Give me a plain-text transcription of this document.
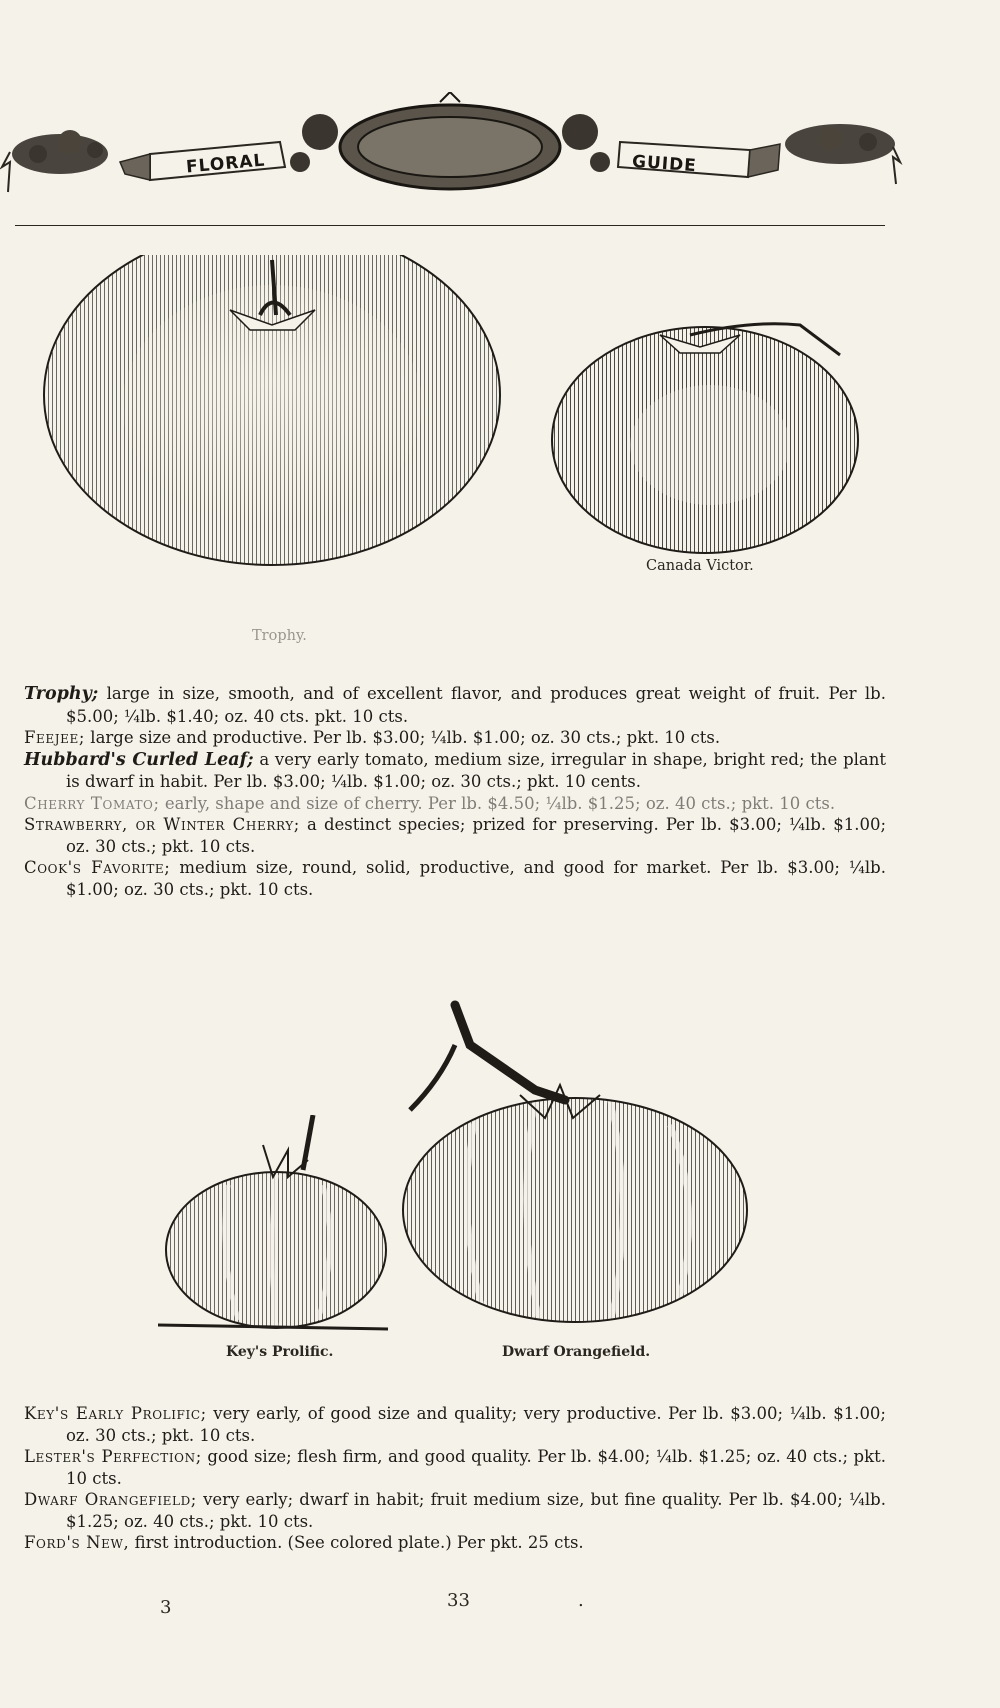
FLORAL	GUIDE
Trophy.
Canada Victor.
Trophy; large in size, smooth, and of excellent flavor, and produces great weight of fruit. Per lb. $5.00; ¼lb. $1.40; oz. 40 cts. pkt. 10 cts.
Feejee; large size and productive. Per lb. $3.00; ¼lb. $1.00; oz. 30 cts.; pkt. 10 cts.
Hubbard's Curled Leaf; a very early tomato, medium size, irregular in shape, bright red; the plant is dwarf in habit. Per lb. $3.00; ¼lb. $1.00; oz. 30 cts.; pkt. 10 cents.
Cherry Tomato; early, shape and size of cherry. Per lb. $4.50; ¼lb. $1.25; oz. 40 cts.; pkt. 10 cts.
Strawberry, or Winter Cherry; a destinct species; prized for preserving. Per lb. $3.00; ¼lb. $1.00; oz. 30 cts.; pkt. 10 cts.
Cook's Favorite; medium size, round, solid, productive, and good for market. Per lb. $3.00; ¼lb. $1.00; oz. 30 cts.; pkt. 10 cts.
Key's Prolific.	Dwarf Orangefield.
Key's Early Prolific; very early, of good size and quality; very productive. Per lb. $3.00; ¼lb. $1.00; oz. 30 cts.; pkt. 10 cts.
Lester's Perfection; good size; flesh firm, and good quality. Per lb. $4.00; ¼lb. $1.25; oz. 40 cts.; pkt. 10 cts.
Dwarf Orangefield; very early; dwarf in habit; fruit medium size, but fine quality. Per lb. $4.00; ¼lb. $1.25; oz. 40 cts.; pkt. 10 cts.
Ford's New, first introduction. (See colored plate.) Per pkt. 25 cts.
3	33	.
